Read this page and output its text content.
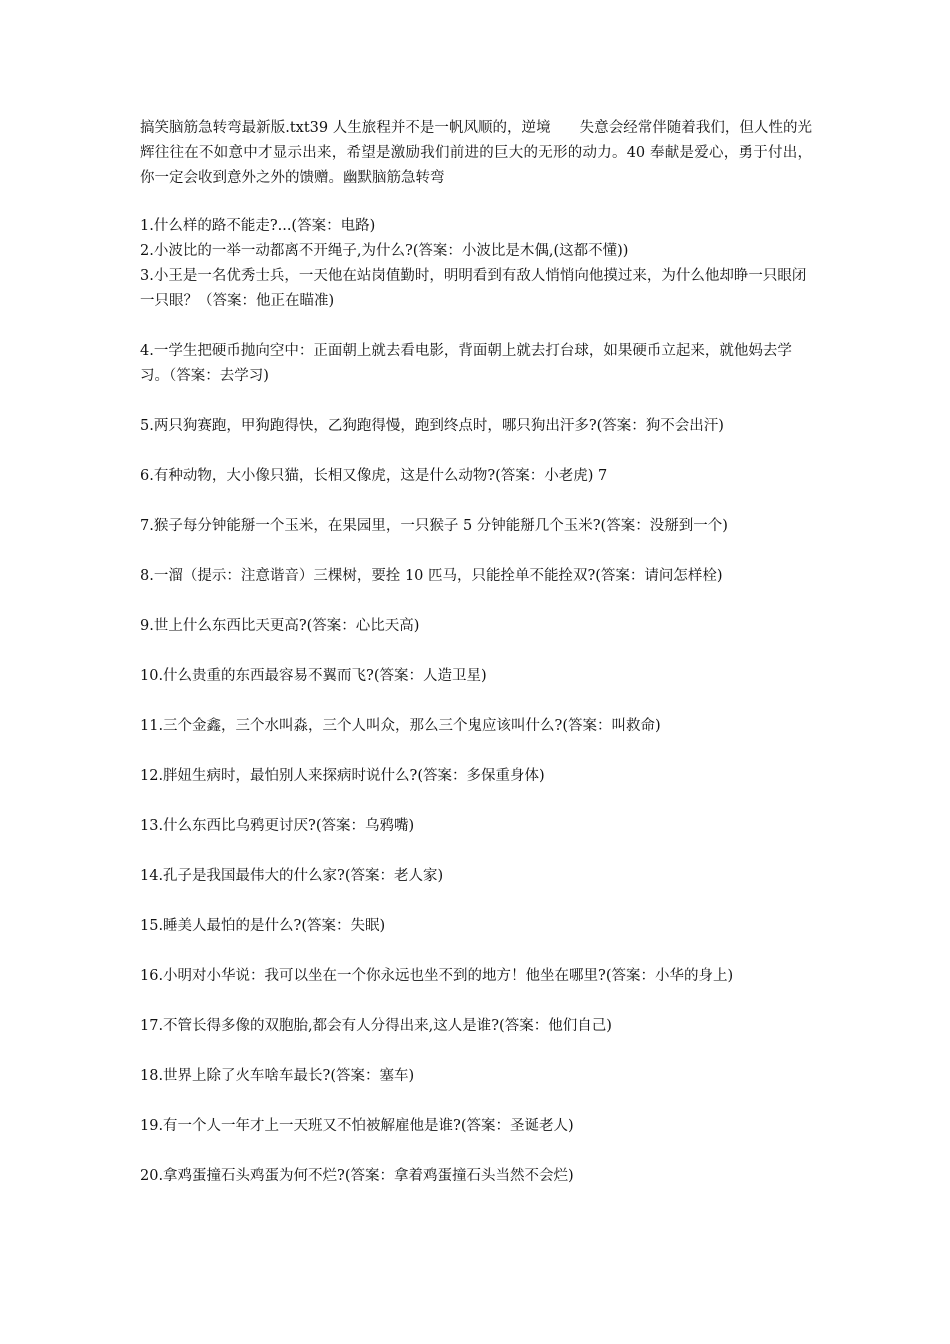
搞笑脑筋急转弯最新版.txt39 人生旅程并不是一帆风顺的，逆境　　失意会经常伴随着我们，但人性的光辉往往在不如意中才显示出来，希望是激励我们前进的巨大的无形的动力。40 奉献是爱心，勇于付出，你一定会收到意外之外的馈赠。幽默脑筋急转弯

1.什么样的路不能走?...(答案：电路)

2.小波比的一举一动都离不开绳子,为什么?(答案：小波比是木偶,(这都不懂))

3.小王是一名优秀士兵，一天他在站岗值勤时，明明看到有敌人悄悄向他摸过来，为什么他却睁一只眼闭一只眼？（答案：他正在瞄准)

4.一学生把硬币抛向空中：正面朝上就去看电影，背面朝上就去打台球，如果硬币立起来，就他妈去学习。（答案：去学习)

5.两只狗赛跑，甲狗跑得快，乙狗跑得慢，跑到终点时，哪只狗出汗多?(答案：狗不会出汗)

6.有种动物，大小像只猫，长相又像虎，这是什么动物?(答案：小老虎) 7

7.猴子每分钟能掰一个玉米，在果园里，一只猴子 5 分钟能掰几个玉米?(答案：没掰到一个)

8.一溜（提示：注意谐音）三棵树，要拴 10 匹马，只能拴单不能拴双?(答案：请问怎样栓)

9.世上什么东西比天更高?(答案：心比天高)

10.什么贵重的东西最容易不翼而飞?(答案：人造卫星)

11.三个金鑫，三个水叫淼，三个人叫众，那么三个鬼应该叫什么?(答案：叫救命)

12.胖妞生病时，最怕别人来探病时说什么?(答案：多保重身体)

13.什么东西比乌鸦更讨厌?(答案：乌鸦嘴)

14.孔子是我国最伟大的什么家?(答案：老人家)

15.睡美人最怕的是什么?(答案：失眠)

16.小明对小华说：我可以坐在一个你永远也坐不到的地方！他坐在哪里?(答案：小华的身上)

17.不管长得多像的双胞胎,都会有人分得出来,这人是谁?(答案：他们自己)

18.世界上除了火车啥车最长?(答案：塞车)

19.有一个人一年才上一天班又不怕被解雇他是谁?(答案：圣诞老人)

20.拿鸡蛋撞石头鸡蛋为何不烂?(答案：拿着鸡蛋撞石头当然不会烂)
